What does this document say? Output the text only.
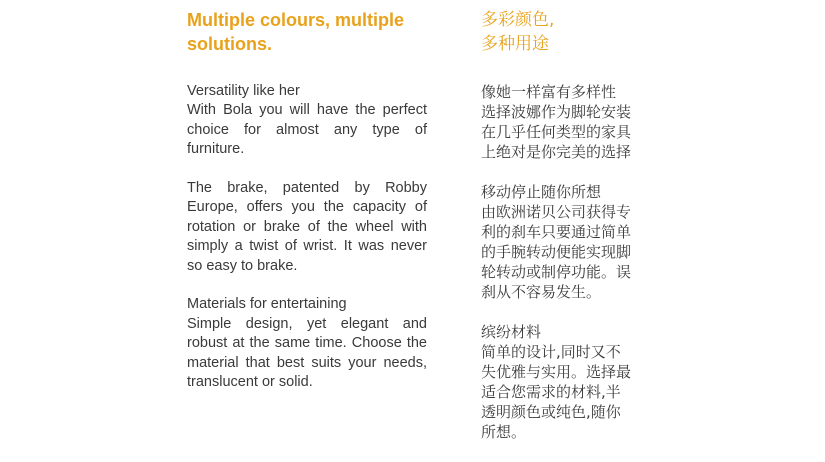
Multiple colours, multiple
solutions.
Versatility like her
With Bola you will have the perfect choice for almost any type of furniture.
The brake, patented by Robby Europe, offers you the capacity of rotation or brake of the wheel with simply a twist of wrist. It was never so easy to brake.
Materials for entertaining
Simple design, yet elegant and robust at the same time. Choose the material that best suits your needs, translucent or solid.
多彩颜色,
多种用途
像她一样富有多样性
选择波娜作为脚轮安装
在几乎任何类型的家具
上绝对是你完美的选择
移动停止随你所想
由欧洲诺贝公司获得专
利的刹车只要通过简单
的手腕转动便能实现脚
轮转动或制停功能。误
刹从不容易发生。
缤纷材料
简单的设计,同时又不
失优雅与实用。选择最
适合您需求的材料,半
透明颜色或纯色,随你
所想。
